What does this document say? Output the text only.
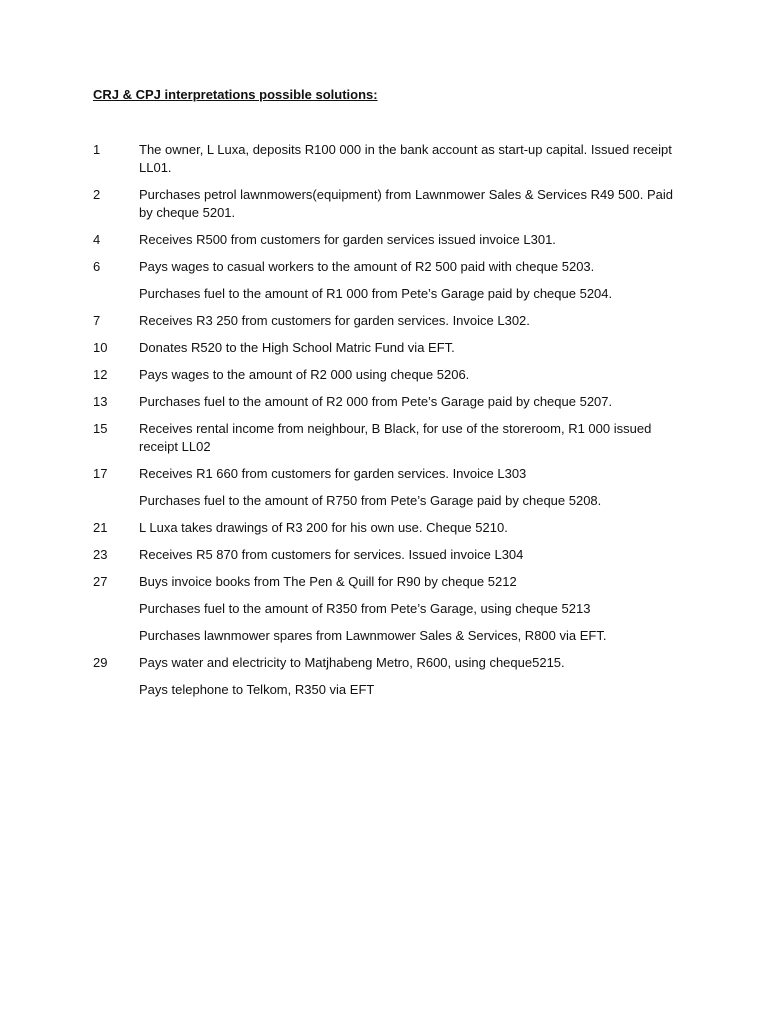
CRJ & CPJ interpretations possible solutions:
1	The owner, L Luxa, deposits R100 000 in the bank account as start-up capital. Issued receipt LL01.
2	Purchases petrol lawnmowers(equipment) from Lawnmower Sales & Services R49 500. Paid by cheque 5201.
4	Receives R500 from customers for garden services issued invoice L301.
6	Pays wages to casual workers to the amount of R2 500 paid with cheque 5203.
Purchases fuel to the amount of R1 000 from Pete’s Garage paid by cheque 5204.
7	Receives R3 250 from customers for garden services. Invoice L302.
10	Donates R520 to the High School Matric Fund via EFT.
12	Pays wages to the amount of R2 000 using cheque 5206.
13	Purchases fuel to the amount of R2 000 from Pete’s Garage paid by cheque 5207.
15	Receives rental income from neighbour, B Black, for use of the storeroom, R1 000 issued receipt LL02
17	Receives R1 660 from customers for garden services. Invoice L303
Purchases fuel to the amount of R750 from Pete’s Garage paid by cheque 5208.
21	L Luxa takes drawings of R3 200 for his own use. Cheque 5210.
23	Receives R5 870 from customers for services. Issued invoice L304
27	Buys invoice books from The Pen & Quill for R90 by cheque 5212
Purchases fuel to the amount of R350 from Pete’s Garage, using cheque 5213
Purchases lawnmower spares from Lawnmower Sales & Services, R800 via EFT.
29	Pays water and electricity to Matjhabeng Metro, R600, using cheque5215.
Pays telephone to Telkom, R350 via EFT
